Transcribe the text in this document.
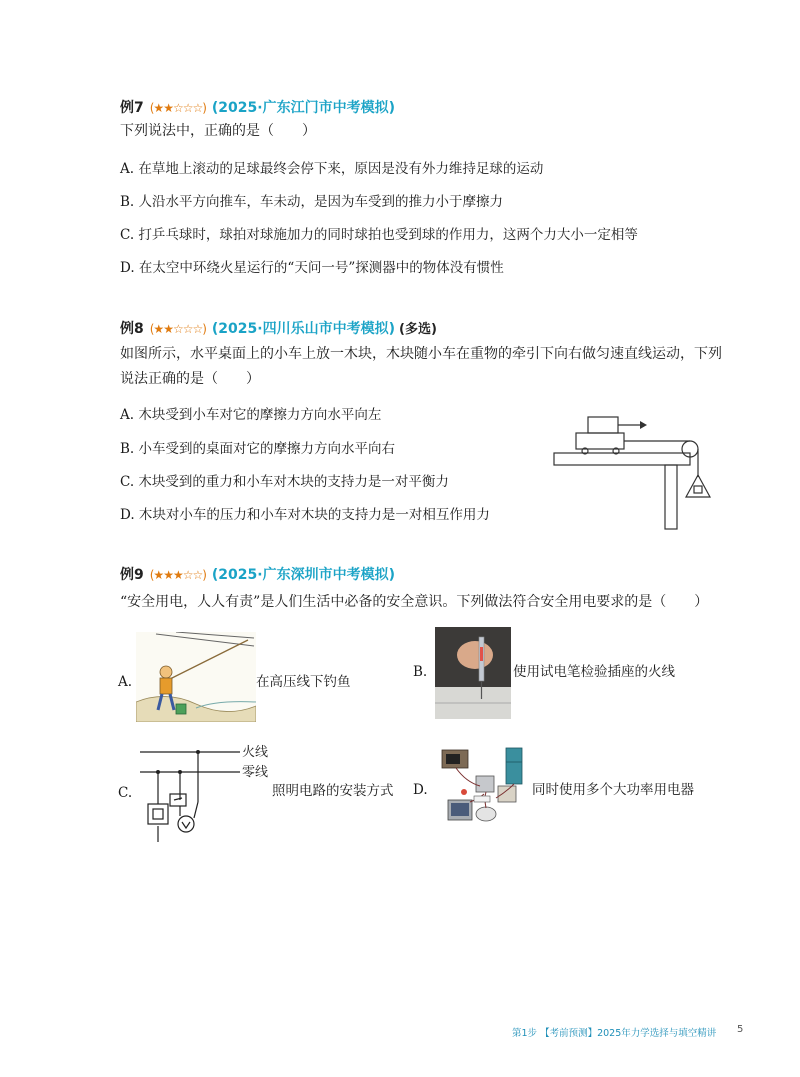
例7 (★★☆☆☆) (2025·广东江门市中考模拟)
下列说法中，正确的是（　　）
A. 在草地上滚动的足球最终会停下来，原因是没有外力维持足球的运动
B. 人沿水平方向推车，车未动，是因为车受到的推力小于摩擦力
C. 打乒乓球时，球拍对球施加力的同时球拍也受到球的作用力，这两个力大小一定相等
D. 在太空中环绕火星运行的“天问一号”探测器中的物体没有惯性
例8 (★★☆☆☆) (2025·四川乐山市中考模拟) (多选)
如图所示，水平桌面上的小车上放一木块，木块随小车在重物的牵引下向右做匀速直线运动，下列
说法正确的是（　　）
A. 木块受到小车对它的摩擦力方向水平向左
B. 小车受到的桌面对它的摩擦力方向水平向右
C. 木块受到的重力和小车对木块的支持力是一对平衡力
D. 木块对小车的压力和小车对木块的支持力是一对相互作用力
例9 (★★★☆☆) (2025·广东深圳市中考模拟)
“安全用电，人人有责”是人们生活中必备的安全意识。下列做法符合安全用电要求的是（　　）
A.	在高压线下钓鱼
B.	使用试电笔检验插座的火线
C.
火线
零线
照明电路的安装方式 D.	同时使用多个大功率用电器
第1步 【考前预测】2025年力学选择与填空精讲 5
